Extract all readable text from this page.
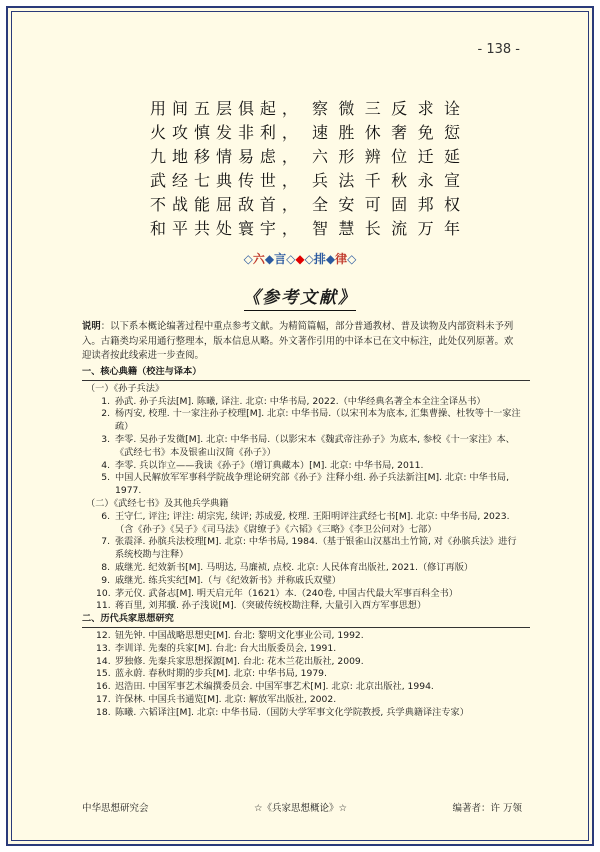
- 138 -
用 间 五 层 俱 起 ， 察 微 三 反 求 诠
火 攻 慎 发 非 利 ， 速 胜 休 奢 免 愆
九 地 移 情 易 虑 ， 六 形 辨 位 迁 延
武 经 七 典 传 世 ， 兵 法 千 秋 永 宣
不 战 能 屈 敌 首 ， 全 安 可 固 邦 权
和 平 共 处 寰 宇 ， 智 慧 长 流 万 年
◇六◆言◇◆◇排◆律◇
《参考文献》
说明：以下系本概论编著过程中重点参考文献。为精简篇幅，部分普通教材、普及读物及内部资料未予列入。古籍类均采用通行整理本，版本信息从略。外文著作引用的中译本已在文中标注，此处仅列原著。欢迎读者按此线索进一步查阅。
一、核心典籍（校注与译本）
（一）《孙子兵法》
1. 孙武. 孙子兵法[M]. 陈曦, 译注. 北京: 中华书局, 2022.（中华经典名著全本全注全译丛书）
2. 杨丙安, 校理. 十一家注孙子校理[M]. 北京: 中华书局.（以宋刊本为底本, 汇集曹操、杜牧等十一家注疏）
3. 李零. 吴孙子发微[M]. 北京: 中华书局.（以影宋本《魏武帝注孙子》为底本, 参校《十一家注》本、《武经七书》本及银雀山汉简《孙子》）
4. 李零. 兵以诈立——我读《孙子》（增订典藏本）[M]. 北京: 中华书局, 2011.
5. 中国人民解放军军事科学院战争理论研究部《孙子》注释小组. 孙子兵法新注[M]. 北京: 中华书局, 1977.
（二）《武经七书》及其他兵学典籍
6. 王守仁, 评注; 评注: 胡宗宪, 续评; 苏成爱, 校理. 王阳明评注武经七书[M]. 北京: 中华书局, 2023.（含《孙子》《吴子》《司马法》《尉缭子》《六韬》《三略》《李卫公问对》七部）
7. 张震泽. 孙膑兵法校理[M]. 北京: 中华书局, 1984.（基于银雀山汉墓出土竹简, 对《孙膑兵法》进行系统校勘与注释）
8. 戚继光. 纪效新书[M]. 马明达, 马廉祯, 点校. 北京: 人民体育出版社, 2021.（修订再版）
9. 戚继光. 练兵实纪[M].（与《纪效新书》并称戚氏双璧）
10. 茅元仪. 武备志[M]. 明天启元年（1621）本.（240卷, 中国古代最大军事百科全书）
11. 蒋百里, 刘邦骥. 孙子浅说[M].（突破传统校勘注释, 大量引入西方军事思想）
二、历代兵家思想研究
12. 钮先钟. 中国战略思想史[M]. 台北: 黎明文化事业公司, 1992.
13. 李训详. 先秦的兵家[M]. 台北: 台大出版委员会, 1991.
14. 罗独修. 先秦兵家思想探源[M]. 台北: 花木兰花出版社, 2009.
15. 蓝永蔚. 春秋时期的步兵[M]. 北京: 中华书局, 1979.
16. 迟浩田. 中国军事艺术编撰委员会. 中国军事艺术[M]. 北京: 北京出版社, 1994.
17. 许保林. 中国兵书通览[M]. 北京: 解放军出版社, 2002.
18. 陈曦. 六韬译注[M]. 北京: 中华书局.（国防大学军事文化学院教授, 兵学典籍译注专家）
中华思想研究会	☆《兵家思想概论》☆	编著者：许 万领
